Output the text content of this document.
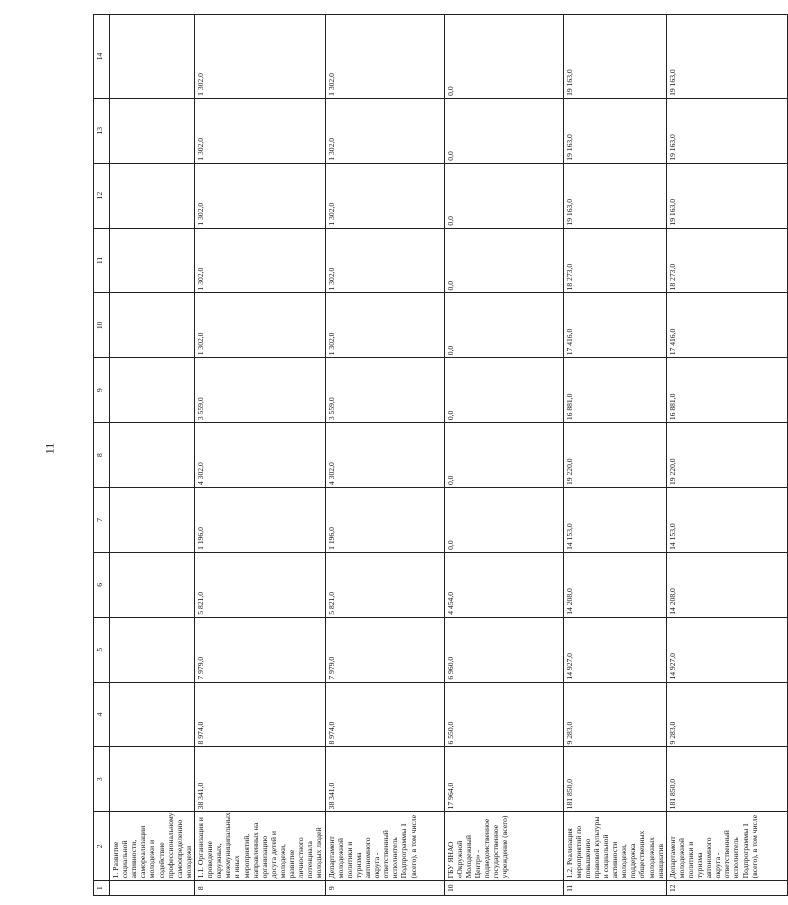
11
1	2	3	4	5	6	7	8	9	10	11	12	13	14
	1. Развитие социальной активности, самореализации молодежи и содействие профессиональному самоопределению молодежи												
8	1.1. Организация и проведение окружных, межмуниципальных и иных мероприятий, направленных на организацию досуга детей и молодежи, развитие личностного потенциала молодых людей	38 341,0	8 974,0	7 979,0	5 821,0	1 196,0	4 302,0	3 559,0	1 302,0	1 302,0	1 302,0	1 302,0	1 302,0
9	Департамент молодежной политики и туризма автономного округа - ответственный исполнитель Подпрограммы 1 (всего), в том числе	38 341,0	8 974,0	7 979,0	5 821,0	1 196,0	4 302,0	3 559,0	1 302,0	1 302,0	1 302,0	1 302,0	1 302,0
10	ГБУ ЯНАО «Окружной Молодежный Центр» - подведомственное государственное учреждение (всего)	17 964,0	6 550,0	6 960,0	4 454,0	0,0	0,0	0,0	0,0	0,0	0,0	0,0	0,0
11	1.2. Реализация мероприятий по повышению правовой культуры и социальной активности молодежи, поддержка общественных молодежных инициатив	181 850,0	9 283,0	14 927,0	14 208,0	14 153,0	19 220,0	16 881,0	17 416,0	18 273,0	19 163,0	19 163,0	19 163,0
12	Департамент молодежной политики и туризма автономного округа - ответственный исполнитель Подпрограммы 1 (всего), в том числе	181 850,0	9 283,0	14 927,0	14 208,0	14 153,0	19 220,0	16 881,0	17 416,0	18 273,0	19 163,0	19 163,0	19 163,0
